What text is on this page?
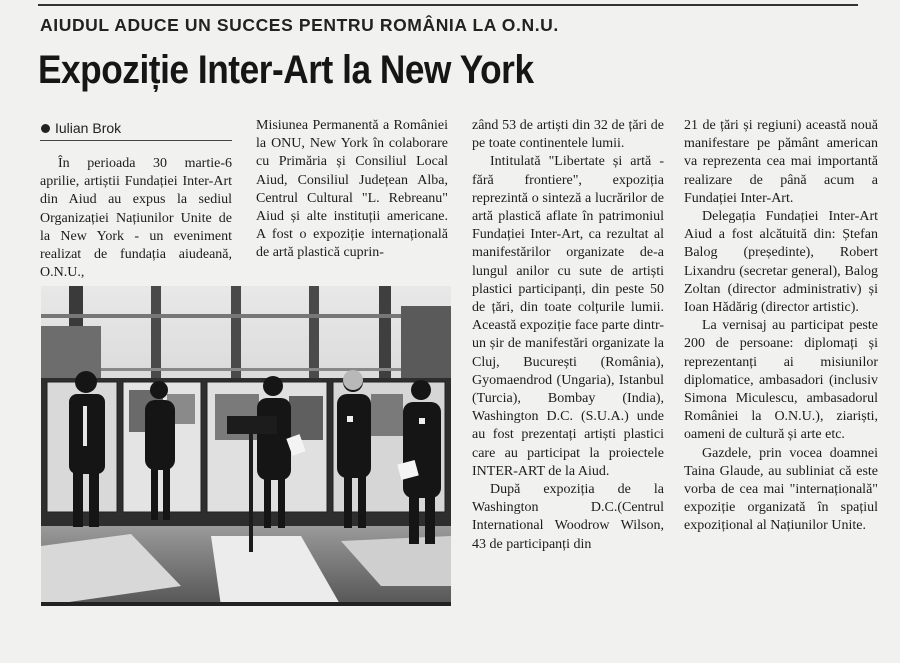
AIUDUL ADUCE UN SUCCES PENTRU ROMÂNIA LA O.N.U.
Expoziție Inter-Art la New York
Iulian Brok

În perioada 30 martie-6 aprilie, artiștii Fundației Inter-Art din Aiud au expus la sediul Organizației Națiunilor Unite de la New York - un eveniment realizat de fundația aiudeană, O.N.U.,

Misiunea Permanentă a României la ONU, New York în colaborare cu Primăria și Consiliul Local Aiud, Consiliul Județean Alba, Centrul Cultural "L. Rebreanu" Aiud și alte instituții americane. A fost o expoziție internațională de artă plastică cuprin-

zând 53 de artiști din 32 de țări de pe toate continentele lumii.

Intitulată "Libertate și artă - fără frontiere", expoziția reprezintă o sinteză a lucrărilor de artă plastică aflate în patrimoniul Fundației Inter-Art, ca rezultat al manifestărilor organizate de-a lungul anilor cu sute de artiști plastici participanți, din peste 50 de țări, din toate colțurile lumii. Această expoziție face parte dintr-un șir de manifestări organizate la Cluj, București (România), Gyomaendrod (Ungaria), Istanbul (Turcia), Bombay (India), Washington D.C. (S.U.A.) unde au fost prezentați artiști plastici care au participat la proiectele INTER-ART de la Aiud.

După expoziția de la Washington D.C.(Centrul International Woodrow Wilson, 43 de participanți din

21 de țări și regiuni) această nouă manifestare pe pământ american va reprezenta cea mai importantă realizare de până acum a Fundației Inter-Art.

Delegația Fundației Inter-Art Aiud a fost alcătuită din: Ștefan Balog (președinte), Robert Lixandru (secretar general), Balog Zoltan (director administrativ) și Ioan Hădărig (director artistic).

La vernisaj au participat peste 200 de persoane: diplomați și reprezentanți ai misiunilor diplomatice, ambasadori (inclusiv Simona Miculescu, ambasadorul României la O.N.U.), ziariști, oameni de cultură și arte etc.

Gazdele, prin vocea doamnei Taina Glaude, au subliniat că este vorba de cea mai "internațională" expoziție organizată în spațiul expozițional al Națiunilor Unite.
